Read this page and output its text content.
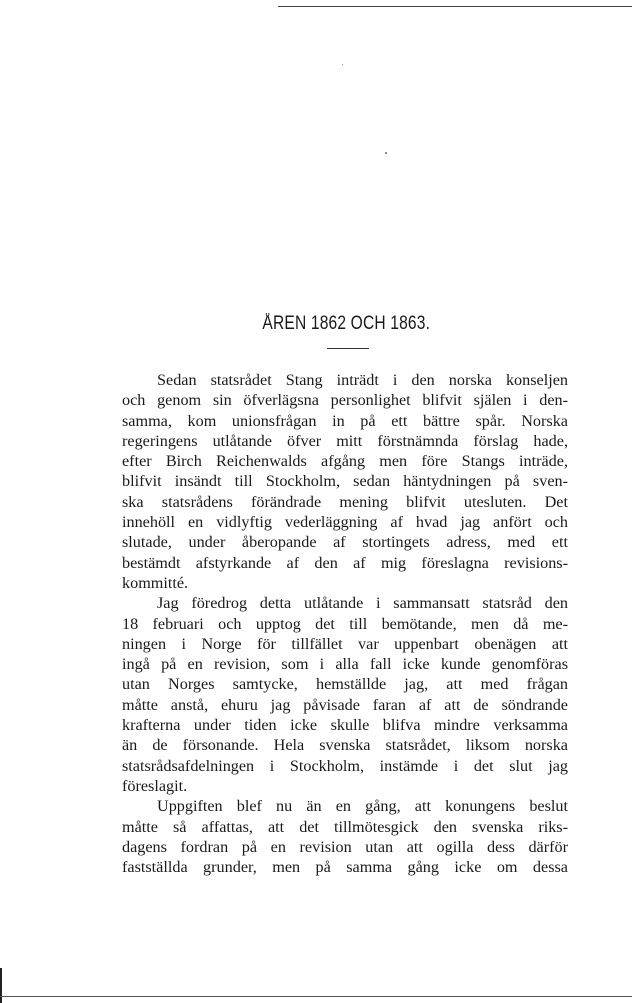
ÅREN 1862 OCH 1863.
Sedan statsrådet Stang inträdt i den norska konseljen
och genom sin öfverlägsna personlighet blifvit själen i den-
samma, kom unionsfrågan in på ett bättre spår. Norska
regeringens utlåtande öfver mitt förstnämnda förslag hade,
efter Birch Reichenwalds afgång men före Stangs inträde,
blifvit insändt till Stockholm, sedan häntydningen på sven-
ska statsrådens förändrade mening blifvit utesluten. Det
innehöll en vidlyftig vederläggning af hvad jag anfört och
slutade, under åberopande af stortingets adress, med ett
bestämdt afstyrkande af den af mig föreslagna revisions-
kommitté.
Jag föredrog detta utlåtande i sammansatt statsråd den
18 februari och upptog det till bemötande, men då me-
ningen i Norge för tillfället var uppenbart obenägen att
ingå på en revision, som i alla fall icke kunde genomföras
utan Norges samtycke, hemställde jag, att med frågan
måtte anstå, ehuru jag påvisade faran af att de söndrande
krafterna under tiden icke skulle blifva mindre verksamma
än de försonande. Hela svenska statsrådet, liksom norska
statsrådsafdelningen i Stockholm, instämde i det slut jag
föreslagit.
Uppgiften blef nu än en gång, att konungens beslut
måtte så affattas, att det tillmötesgick den svenska riks-
dagens fordran på en revision utan att ogilla dess därför
fastställda grunder, men på samma gång icke om dessa
